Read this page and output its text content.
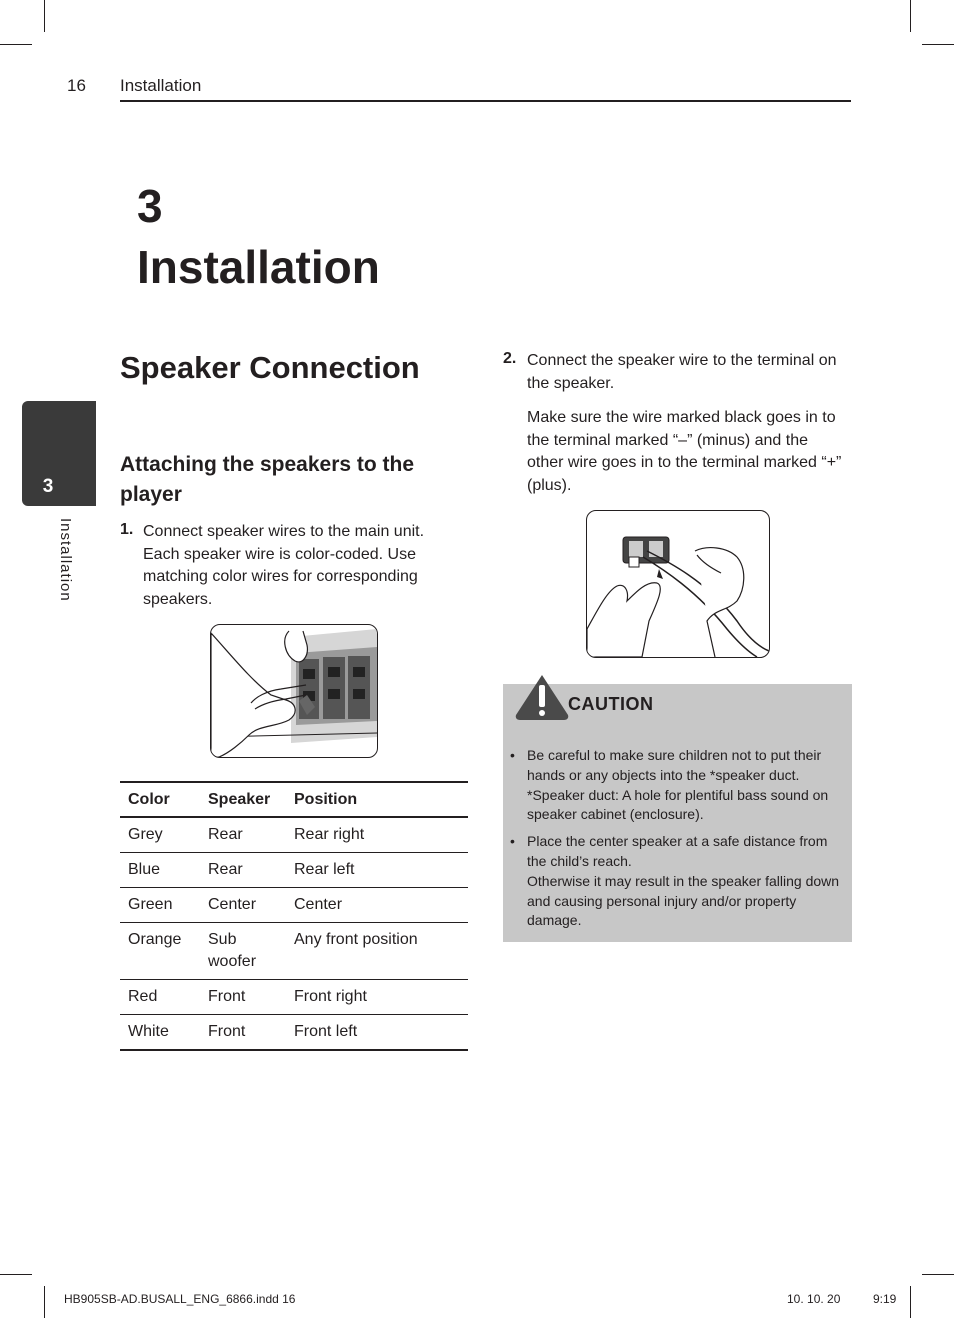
16 Installation
3
Installation
3
Installation
Speaker Connection
Attaching the speakers to the player
1. Connect speaker wires to the main unit. Each speaker wire is color-coded. Use matching color wires for corresponding speakers.
Color	Speaker	Position
Grey	Rear	Rear right
Blue	Rear	Rear left
Green	Center	Center
Orange	Sub woofer	Any front position
Red	Front	Front right
White	Front	Front left
2. Connect the speaker wire to the terminal on the speaker.
Make sure the wire marked black goes in to the terminal marked “–” (minus) and the other wire goes in to the terminal marked “+” (plus).
CAUTION
• Be careful to make sure children not to put their hands or any objects into the *speaker duct.

*Speaker duct: A hole for plentiful bass sound on speaker cabinet (enclosure).

• Place the center speaker at a safe distance from the child’s reach.

Otherwise it may result in the speaker falling down and causing personal injury and/or property damage.

HB905SB-AD.BUSALL_ENG_6866.indd 16	10. 10. 20	9:19
